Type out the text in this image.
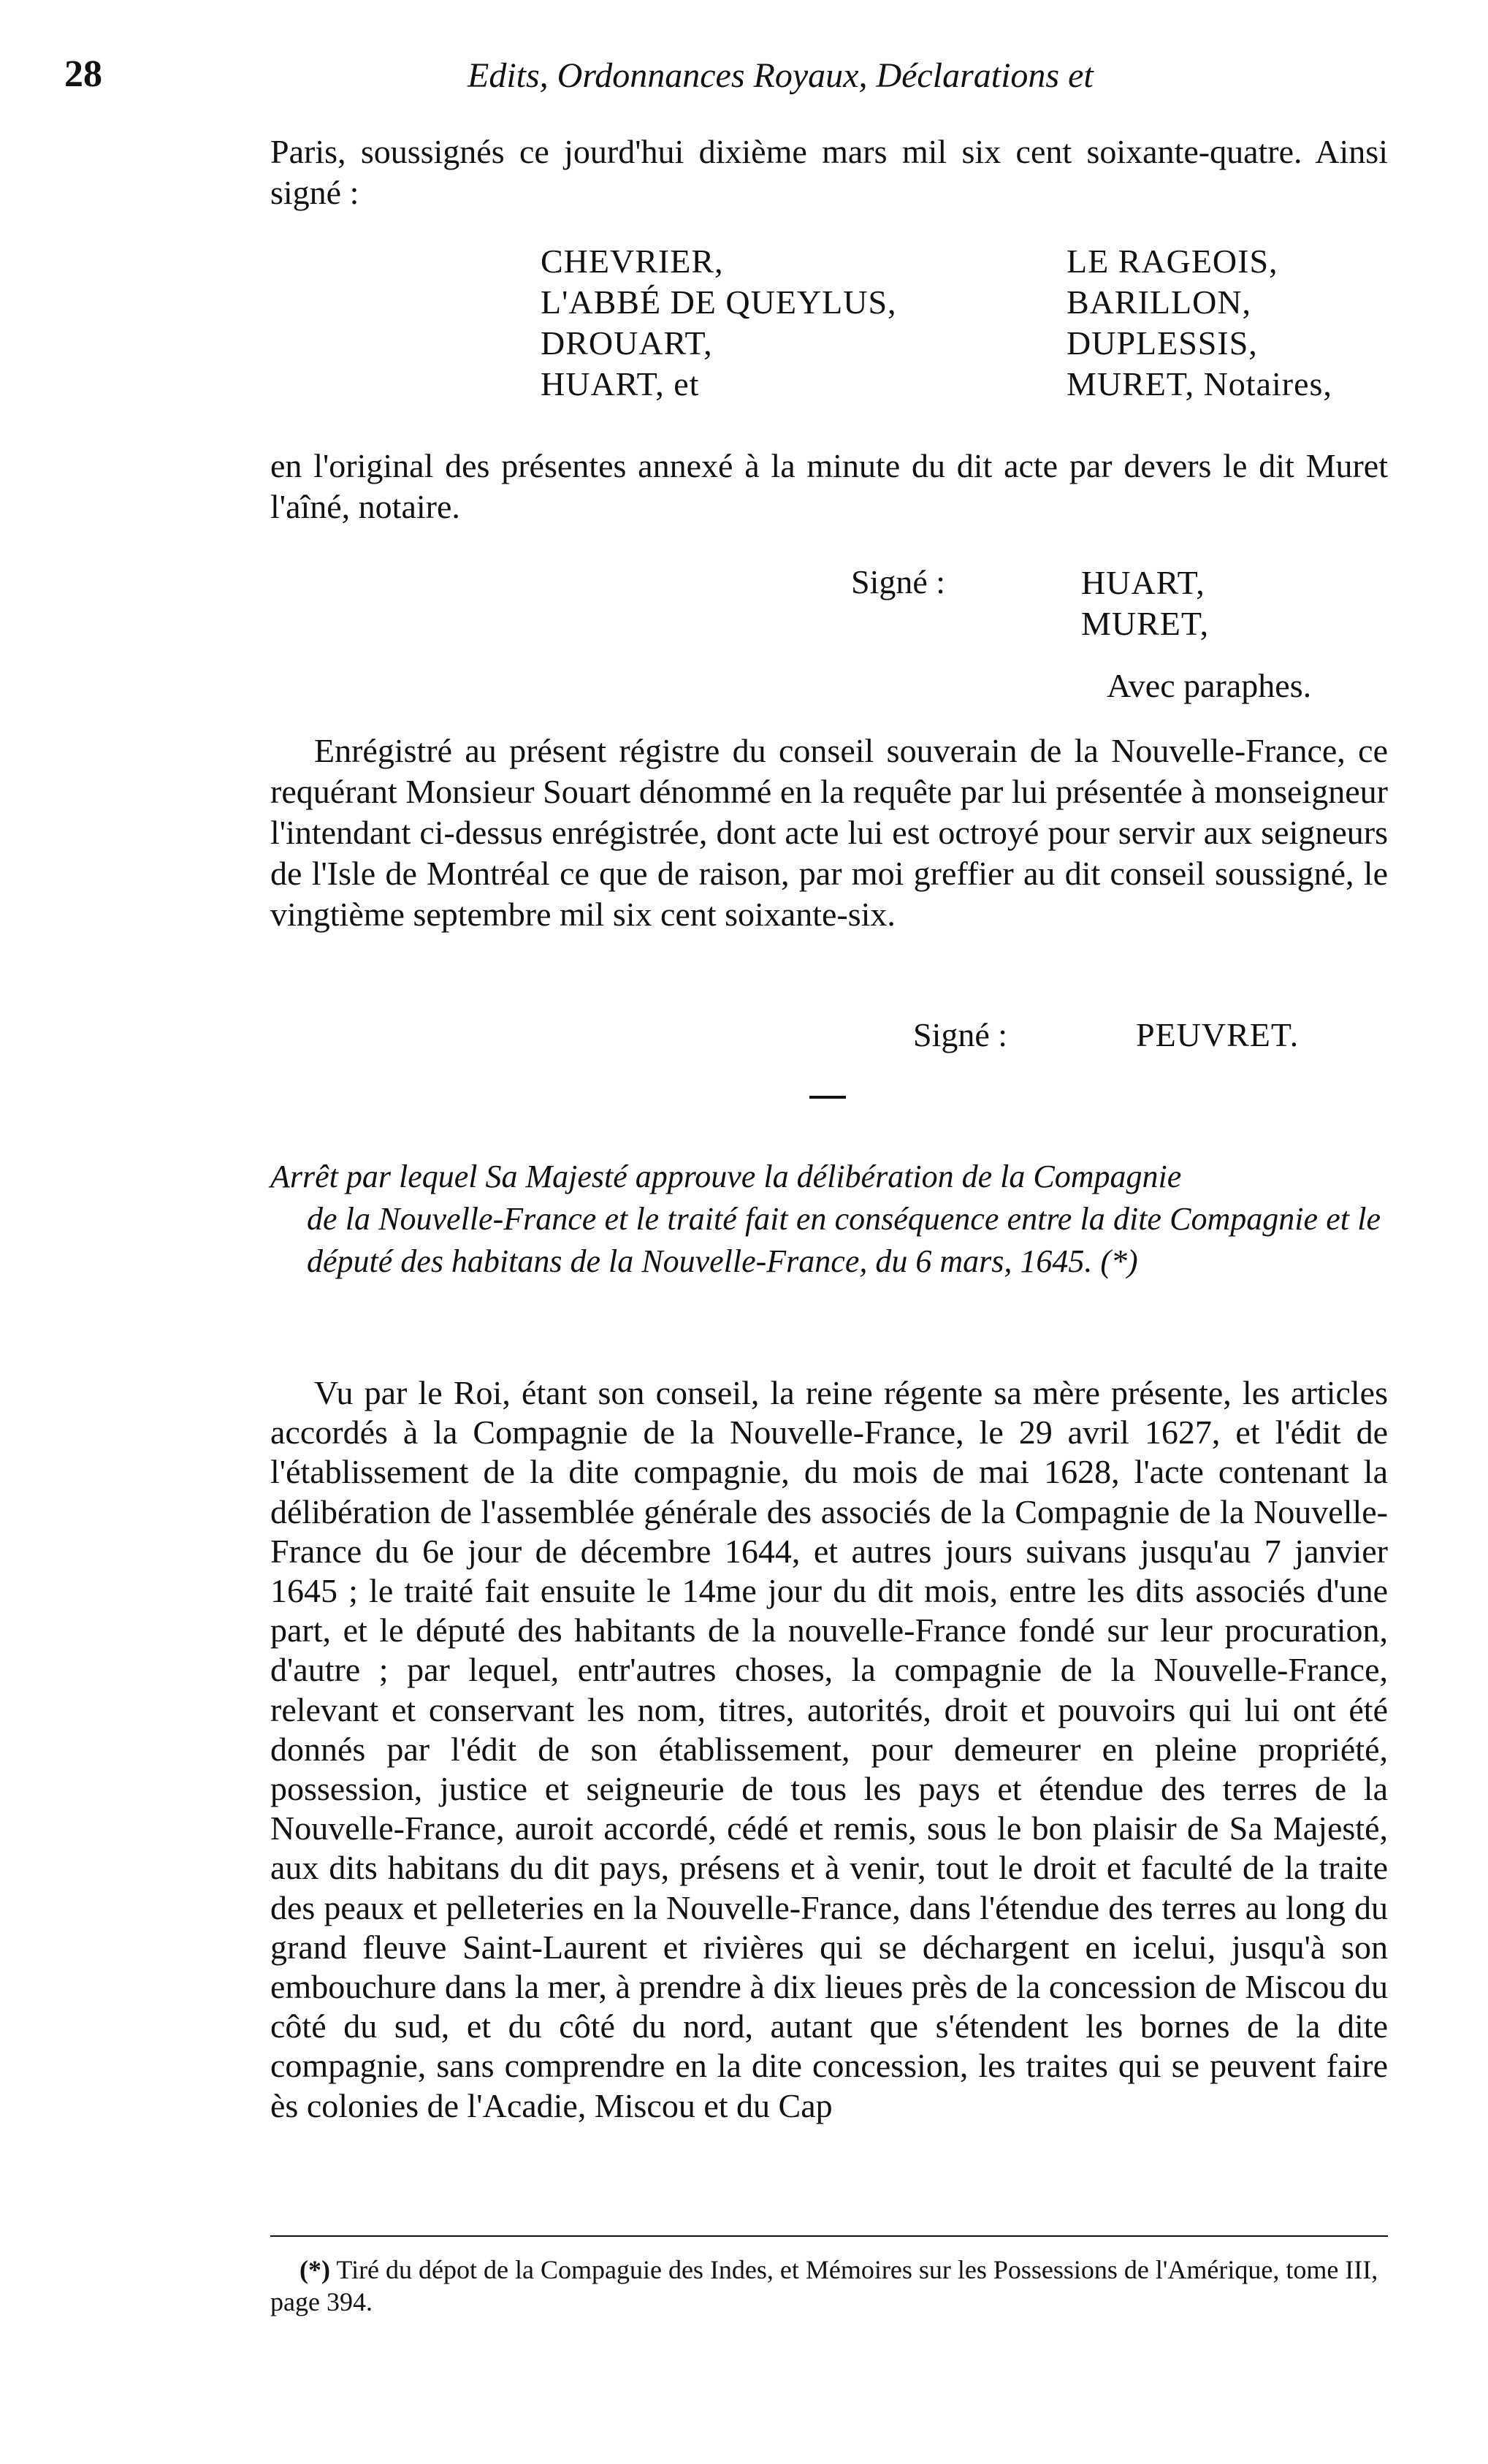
28	Edits, Ordonnances Royaux, Déclarations et

Paris, soussignés ce jourd'hui dixième mars mil six cent soixante-quatre. Ainsi signé :

CHEVRIER,	LE RAGEOIS,
L'ABBÉ DE QUEYLUS,	BARILLON,
DROUART,	DUPLESSIS,
HUART, et	MURET, Notaires,

en l'original des présentes annexé à la minute du dit acte par devers le dit Muret l'aîné, notaire.

Signé :	HUART,
MURET,
Avec paraphes.

Enrégistré au présent régistre du conseil souverain de la Nouvelle-France, ce requérant Monsieur Souart dénommé en la requête par lui présentée à monseigneur l'intendant ci-dessus enrégistrée, dont acte lui est octroyé pour servir aux seigneurs de l'Isle de Montréal ce que de raison, par moi greffier au dit conseil soussigné, le vingtième septembre mil six cent soixante-six.

Signé :	PEUVRET.
Arrêt par lequel Sa Majesté approuve la délibération de la Compagnie
de la Nouvelle-France et le traité fait en conséquence entre la dite Compagnie et le député des habitans de la Nouvelle-France, du 6 mars, 1645. (*)

Vu par le Roi, étant son conseil, la reine régente sa mère présente, les articles accordés à la Compagnie de la Nouvelle-France, le 29 avril 1627, et l'édit de l'établissement de la dite compagnie, du mois de mai 1628, l'acte contenant la délibération de l'assemblée générale des associés de la Compagnie de la Nouvelle-France du 6e jour de décembre 1644, et autres jours suivans jusqu'au 7 janvier 1645 ; le traité fait ensuite le 14me jour du dit mois, entre les dits associés d'une part, et le député des habitants de la nouvelle-France fondé sur leur procuration, d'autre ; par lequel, entr'autres choses, la compagnie de la Nouvelle-France, relevant et conservant les nom, titres, autorités, droit et pouvoirs qui lui ont été donnés par l'édit de son établissement, pour demeurer en pleine propriété, possession, justice et seigneurie de tous les pays et étendue des terres de la Nouvelle-France, auroit accordé, cédé et remis, sous le bon plaisir de Sa Majesté, aux dits habitans du dit pays, présens et à venir, tout le droit et faculté de la traite des peaux et pelleteries en la Nouvelle-France, dans l'étendue des terres au long du grand fleuve Saint-Laurent et rivières qui se déchargent en icelui, jusqu'à son embouchure dans la mer, à prendre à dix lieues près de la concession de Miscou du côté du sud, et du côté du nord, autant que s'étendent les bornes de la dite compagnie, sans comprendre en la dite concession, les traites qui se peuvent faire ès colonies de l'Acadie, Miscou et du Cap

(*) Tiré du dépot de la Compaguie des Indes, et Mémoires sur les Possessions de l'Amérique, tome III, page 394.
